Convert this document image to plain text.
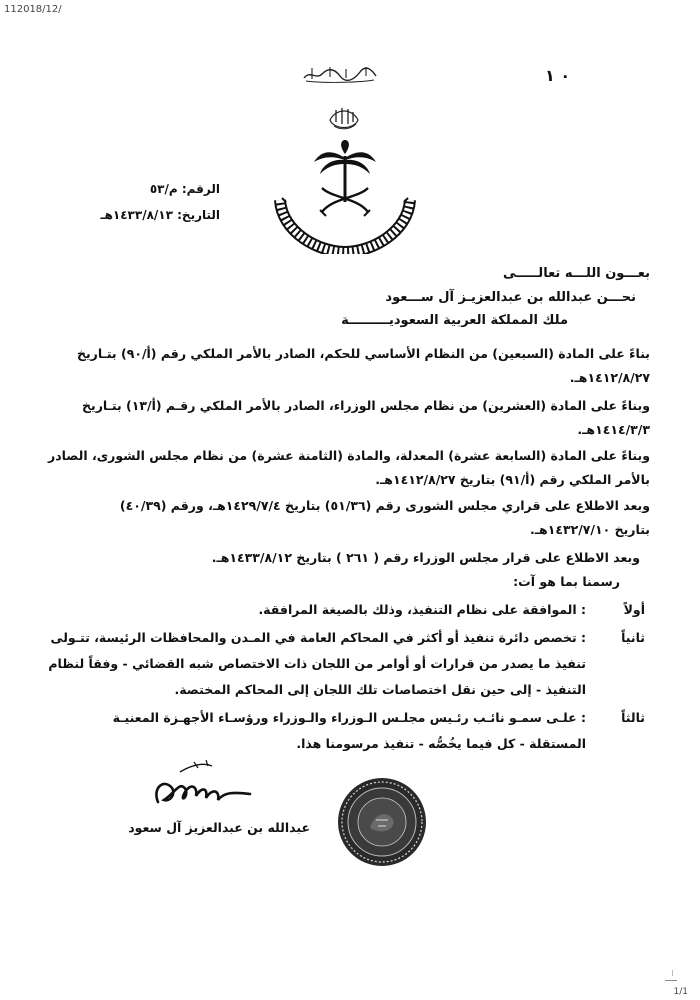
112018/12/
٠ ١
الرقم: م/٥٣
التاريخ: ١٤٣٣/٨/١٣هـ
بعـــون اللـــه تعالـــــى
نحـــن عبدالله بن عبدالعزيـز آل ســـعود
ملك المملكة العربية السعوديـــــــــة
بناءً على المادة (السبعين) من النظام الأساسي للحكم، الصادر بالأمر الملكي رقم (أ/٩٠) بتـاريخ
١٤١٢/٨/٢٧هـ.
وبناءً على المادة (العشرين) من نظام مجلس الوزراء، الصادر بالأمر الملكي رقـم (أ/١٣) بتـاريخ
١٤١٤/٣/٣هـ.
وبناءً على المادة (السابعة عشرة) المعدلة، والمادة (الثامنة عشرة) من نظام مجلس الشورى، الصادر
بالأمر الملكي رقم (أ/٩١) بتاريخ ١٤١٢/٨/٢٧هـ.
وبعد الاطلاع على قراري مجلس الشورى رقم (٥١/٣٦) بتاريخ ١٤٢٩/٧/٤هـ، ورقم (٤٠/٣٩)
بتاريخ ١٤٣٢/٧/١٠هـ.
وبعد الاطلاع على قرار مجلس الوزراء رقم ( ٢٦١ ) بتاريخ ١٤٣٣/٨/١٢هـ.
رسمنا بما هو آت:
أولاً
: الموافقة على نظام التنفيذ، وذلك بالصيغة المرافقة.
ثانياً
: تخصص دائرة تنفيذ أو أكثر في المحاكم العامة في المـدن والمحافظات الرئيسة، تتـولى
تنفيذ ما يصدر من قرارات أو أوامر من اللجان ذات الاختصاص شبه القضائي - وفقاً لنظام
التنفيذ - إلى حين نقل اختصاصات تلك اللجان إلى المحاكم المختصة.
ثالثاً
: علـى سمـو نائـب رئـيس مجلـس الـوزراء والـوزراء ورؤسـاء الأجهـزة المعنيـة
المستقلة - كل فيما يخُصُّه - تنفيذ مرسومنا هذا.
عبدالله بن عبدالعزيز آل سعود
1/1
